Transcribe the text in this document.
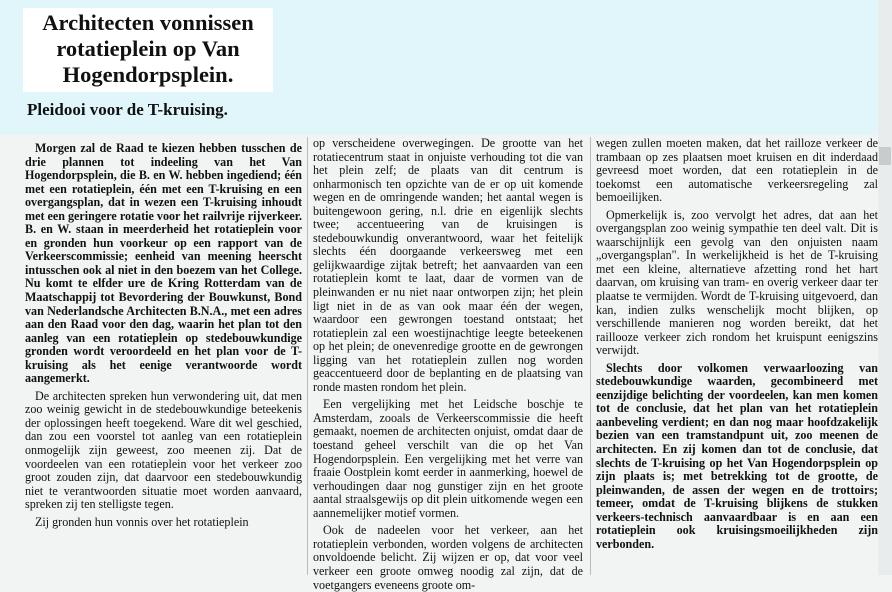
Architecten vonnissen rotatieplein op Van Hogendorpsplein.
Pleidooi voor de T-kruising.

Morgen zal de Raad te kiezen hebben tusschen de drie plannen tot indeeling van het Van Hogendorpsplein, die B. en W. hebben ingediend; één met een rotatieplein, één met een T-kruising en een overgangsplan, dat in wezen een T-kruising inhoudt met een geringere rotatie voor het railvrije rijverkeer. B. en W. staan in meerderheid het rotatieplein voor en gronden hun voorkeur op een rapport van de Verkeerscommissie; eenheid van meening heerscht intusschen ook al niet in den boezem van het College. Nu komt te elfder ure de Kring Rotterdam van de Maatschappij tot Bevordering der Bouwkunst, Bond van Nederlandsche Architecten B.N.A., met een adres aan den Raad voor den dag, waarin het plan tot den aanleg van een rotatieplein op stedebouwkundige gronden wordt veroordeeld en het plan voor de T-kruising als het eenige verantwoorde wordt aangemerkt.

De architecten spreken hun verwondering uit, dat men zoo weinig gewicht in de stedebouwkundige beteekenis der oplossingen heeft toegekend. Ware dit wel geschied, dan zou een voorstel tot aanleg van een rotatieplein onmogelijk zijn geweest, zoo meenen zij. Dat de voordeelen van een rotatieplein voor het verkeer zoo groot zouden zijn, dat daarvoor een stedebouwkundig niet te verantwoorden situatie moet worden aanvaard, spreken zij ten stelligste tegen.

Zij gronden hun vonnis over het rotatieplein

op verscheidene overwegingen. De grootte van het rotatiecentrum staat in onjuiste verhouding tot die van het plein zelf; de plaats van dit centrum is onharmonisch ten opzichte van de er op uit komende wegen en de omringende wanden; het aantal wegen is buitengewoon gering, n.l. drie en eigenlijk slechts twee; accentueering van de kruisingen is stedebouwkundig onverantwoord, waar het feitelijk slechts één doorgaande verkeersweg met een gelijkwaardige zijtak betreft; het aanvaarden van een rotatieplein komt te laat, daar de vormen van de pleinwanden er nu niet naar ontworpen zijn; het plein ligt niet in de as van ook maar één der wegen, waardoor een gewrongen toestand ontstaat; het rotatieplein zal een woestijnachtige leegte beteekenen op het plein; de onevenredige grootte en de gewrongen ligging van het rotatieplein zullen nog worden geaccentueerd door de beplanting en de plaatsing van ronde masten rondom het plein.

Een vergelijking met het Leidsche boschje te Amsterdam, zooals de Verkeerscommissie die heeft gemaakt, noemen de architecten onjuist, omdat daar de toestand geheel verschilt van die op het Van Hogendorpsplein. Een vergelijking met het verre van fraaie Oostplein komt eerder in aanmerking, hoewel de verhoudingen daar nog gunstiger zijn en het groote aantal straalsgewijs op dit plein uitkomende wegen een aannemelijker motief vormen.

Ook de nadeelen voor het verkeer, aan het rotatieplein verbonden, worden volgens de architecten onvoldoende belicht. Zij wijzen er op, dat voor veel verkeer een groote omweg noodig zal zijn, dat de voetgangers eveneens groote om-

wegen zullen moeten maken, dat het railloze verkeer de trambaan op zes plaatsen moet kruisen en dit inderdaad gevreesd moet worden, dat een rotatieplein in de toekomst een automatische verkeersregeling zal bemoeilijken.

Opmerkelijk is, zoo vervolgt het adres, dat aan het overgangsplan zoo weinig sympathie ten deel valt. Dit is waarschijnlijk een gevolg van den onjuisten naam „overgangsplan". In werkelijkheid is het de T-kruising met een kleine, alternatieve afzetting rond het hart daarvan, om kruising van tram- en overig verkeer daar ter plaatse te vermijden. Wordt de T-kruising uitgevoerd, dan kan, indien zulks wenschelijk mocht blijken, op verschillende manieren nog worden bereikt, dat het raillooze verkeer zich rondom het kruispunt eenigszins verwijdt.

Slechts door volkomen verwaarloozing van stedebouwkundige waarden, gecombineerd met eenzijdige belichting der voordeelen, kan men komen tot de conclusie, dat het plan van het rotatieplein aanbeveling verdient; en dan nog maar hoofdzakelijk bezien van een tramstandpunt uit, zoo meenen de architecten. En zij komen dan tot de conclusie, dat slechts de T-kruising op het Van Hogendorpsplein op zijn plaats is; met betrekking tot de grootte, de pleinwanden, de assen der wegen en de trottoirs; temeer, omdat de T-kruising blijkens de stukken verkeers-technisch aanvaardbaar is en aan een rotatieplein ook kruisingsmoeilijkheden zijn verbonden.
